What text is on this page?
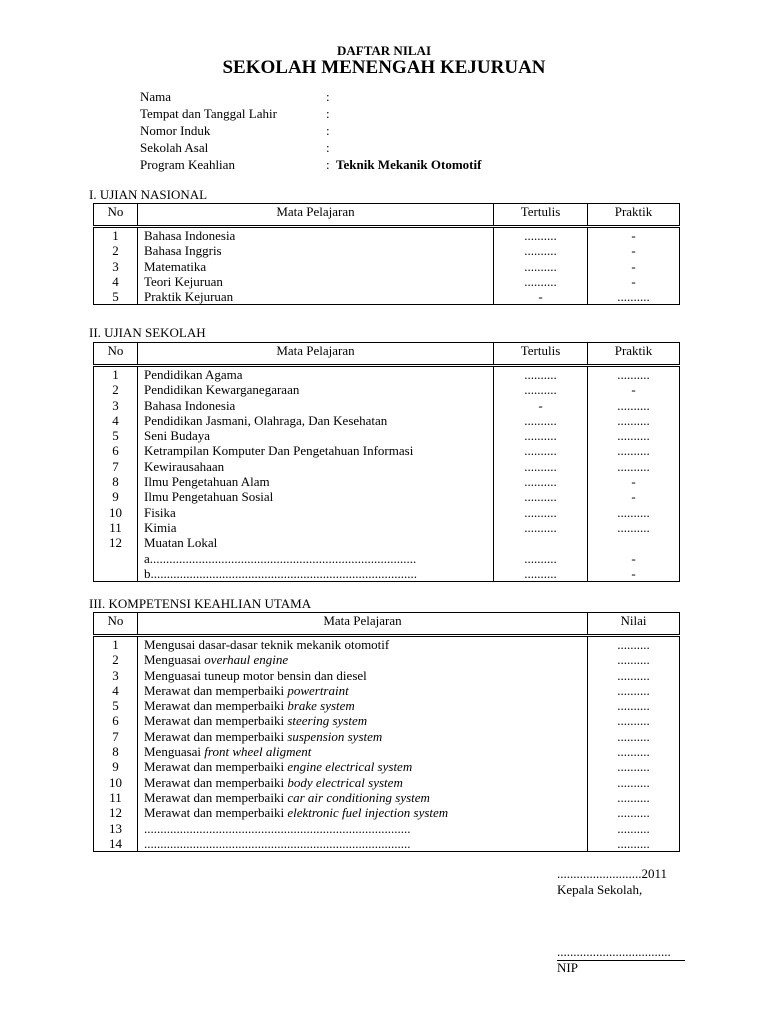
DAFTAR NILAI
SEKOLAH MENENGAH KEJURUAN
Nama	:
Tempat dan Tanggal Lahir	:
Nomor Induk	:
Sekolah Asal	:
Program Keahlian	: Teknik Mekanik Otomotif
I. UJIAN NASIONAL
No	Mata Pelajaran	Tertulis	Praktik
1	Bahasa Indonesia	..........	-
2	Bahasa Inggris	..........	-
3	Matematika	..........	-
4	Teori Kejuruan	..........	-
5	Praktik Kejuruan	-	..........
II. UJIAN SEKOLAH
No	Mata Pelajaran	Tertulis	Praktik
1	Pendidikan Agama	..........	..........
2	Pendidikan Kewarganegaraan	..........	-
3	Bahasa Indonesia	-	..........
4	Pendidikan Jasmani, Olahraga, Dan Kesehatan	..........	..........
5	Seni Budaya	..........	..........
6	Ketrampilan Komputer Dan Pengetahuan Informasi	..........	..........
7	Kewirausahaan	..........	..........
8	Ilmu Pengetahuan Alam	..........	-
9	Ilmu Pengetahuan Sosial	..........	-
10	Fisika	..........	..........
11	Kimia	..........	..........
12	Muatan Lokal		
	a..................................................................................	..........	-
	b..................................................................................	..........	-
III. KOMPETENSI KEAHLIAN UTAMA
No	Mata Pelajaran	Nilai
1	Mengusai dasar-dasar teknik mekanik otomotif	..........
2	Menguasai overhaul engine	..........
3	Menguasai tuneup motor bensin dan diesel	..........
4	Merawat dan memperbaiki powertraint	..........
5	Merawat dan memperbaiki brake system	..........
6	Merawat dan memperbaiki steering system	..........
7	Merawat dan memperbaiki suspension system	..........
8	Menguasai front wheel aligment	..........
9	Merawat dan memperbaiki engine electrical system	..........
10	Merawat dan memperbaiki body electrical system	..........
11	Merawat dan memperbaiki car air conditioning system	..........
12	Merawat dan memperbaiki elektronic fuel injection system	..........
13	..................................................................................	..........
14	..................................................................................	..........
..........................2011
Kepala Sekolah,
...................................
NIP
